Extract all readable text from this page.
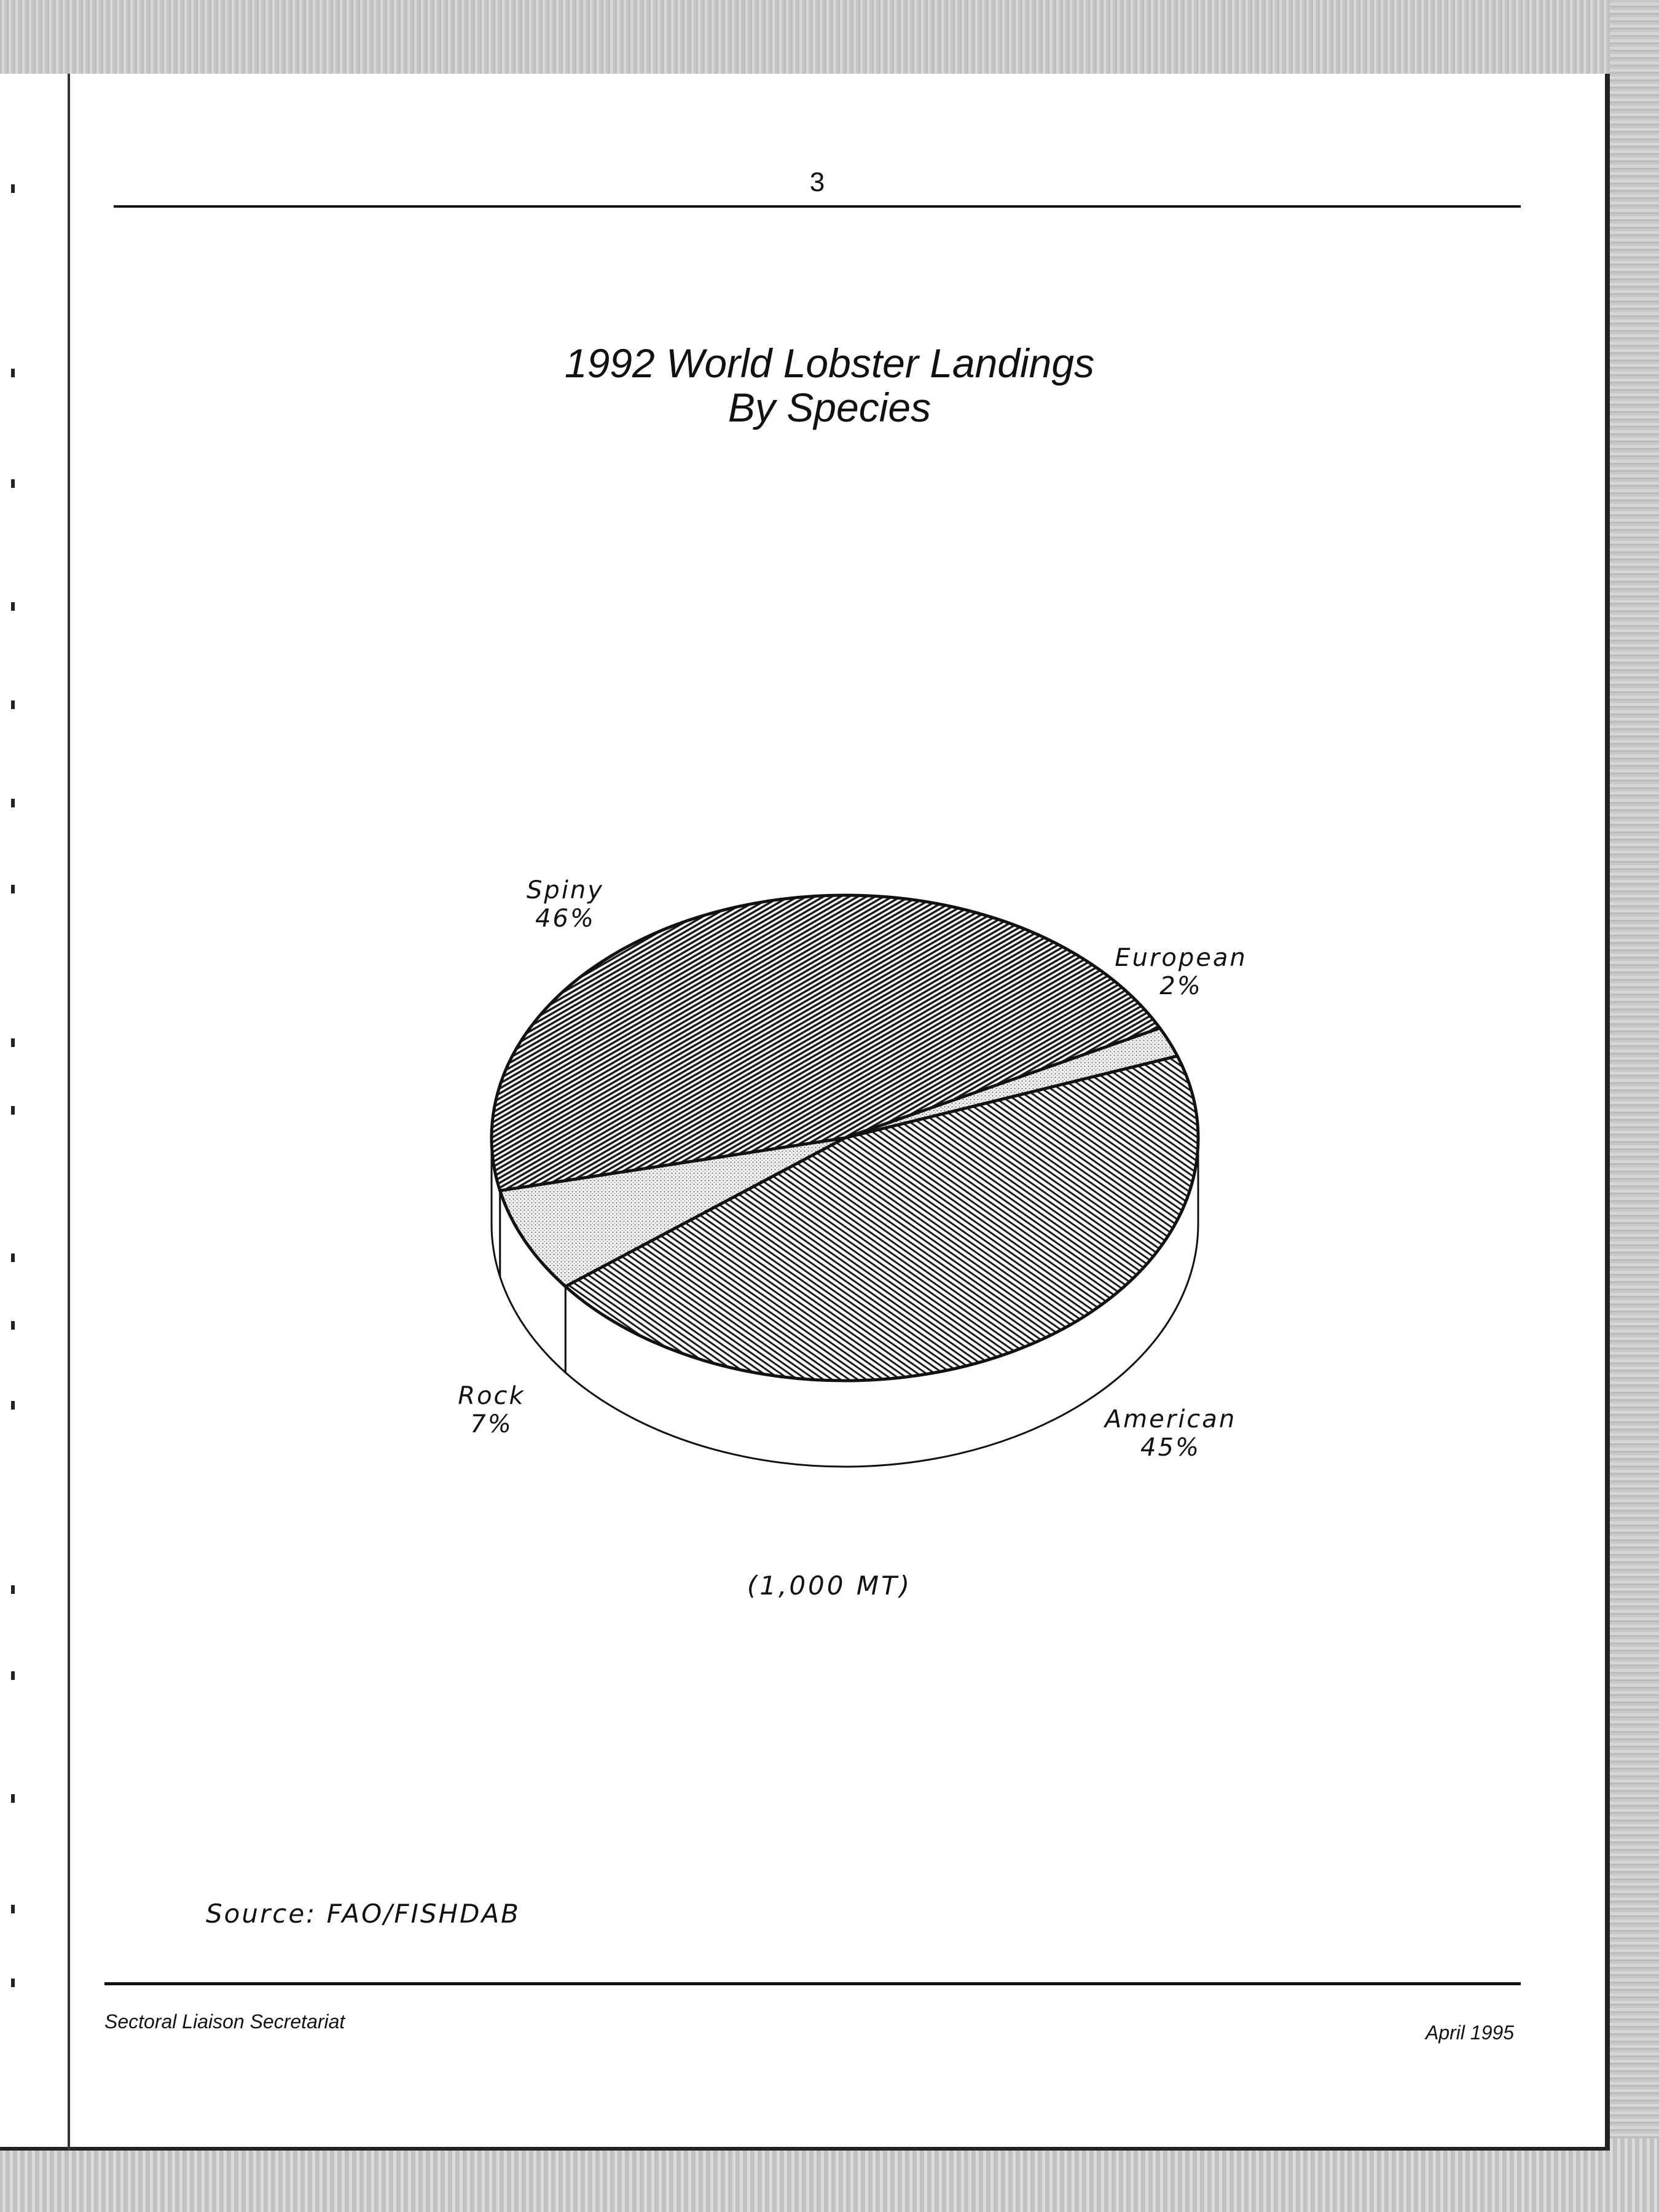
3
1992 World Lobster Landings
By Species
European
2%
American
45%
Rock
7%
Spiny
46%
(1,000 MT)
Source: FAO/FISHDAB
Sectoral Liaison Secretariat	April 1995
